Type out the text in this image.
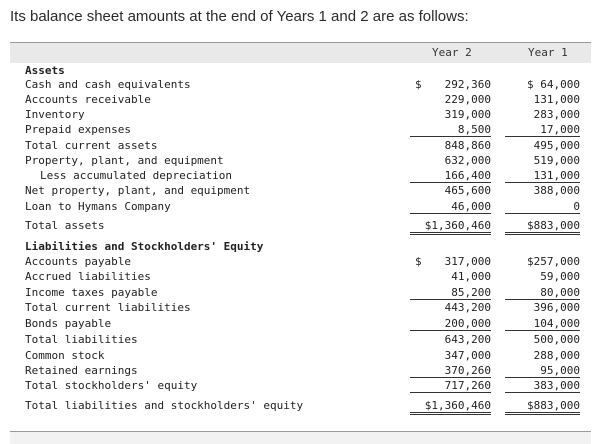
Its balance sheet amounts at the end of Years 1 and 2 are as follows:
Year 2	Year 1
Assets
Cash and cash equivalents	$	292,360	$ 64,000
Accounts receivable	229,000	131,000
Inventory	319,000	283,000
Prepaid expenses	8,500	17,000
Total current assets	848,860	495,000
Property, plant, and equipment	632,000	519,000
Less accumulated depreciation	166,400	131,000
Net property, plant, and equipment	465,600	388,000
Loan to Hymans Company	46,000	0
Total assets	$1,360,460	$883,000
Liabilities and Stockholders' Equity
Accounts payable	$	317,000	$257,000
Accrued liabilities	41,000	59,000
Income taxes payable	85,200	80,000
Total current liabilities	443,200	396,000
Bonds payable	200,000	104,000
Total liabilities	643,200	500,000
Common stock	347,000	288,000
Retained earnings	370,260	95,000
Total stockholders' equity	717,260	383,000
Total liabilities and stockholders' equity	$1,360,460	$883,000
